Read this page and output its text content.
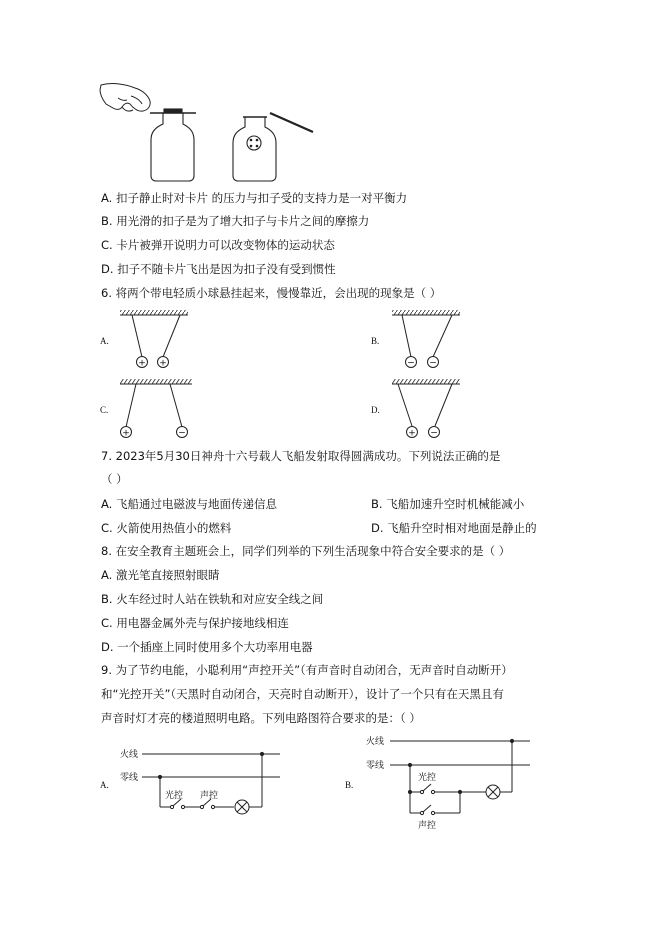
A. 扣子静止时对卡片 的压力与扣子受的支持力是一对平衡力
B. 用光滑的扣子是为了增大扣子与卡片之间的摩擦力
C. 卡片被弹开说明力可以改变物体的运动状态
D. 扣子不随卡片飞出是因为扣子没有受到惯性
6. 将两个带电轻质小球悬挂起来，慢慢靠近，会出现的现象是（ ）
+ +	− −
+	−	+ −
A.	B.
C.	D.
7. 2023年5月30日神舟十六号载人飞船发射取得圆满成功。下列说法正确的是
（ ）
A. 飞船通过电磁波与地面传递信息	B. 飞船加速升空时机械能减小
C. 火箭使用热值小的燃料	D. 飞船升空时相对地面是静止的
8. 在安全教育主题班会上，同学们列举的下列生活现象中符合安全要求的是（ ）
A. 激光笔直接照射眼睛
B. 火车经过时人站在铁轨和对应安全线之间
C. 用电器金属外壳与保护接地线相连
D. 一个插座上同时使用多个大功率用电器
9. 为了节约电能，小聪利用“声控开关”（有声音时自动闭合，无声音时自动断开）
和“光控开关”（天黑时自动闭合，天亮时自动断开），设计了一个只有在天黑且有
声音时灯才亮的楼道照明电路。下列电路图符合要求的是：（ ）
火线
零线
光控 声控
火线
零线
光控
声控
A.	B.
